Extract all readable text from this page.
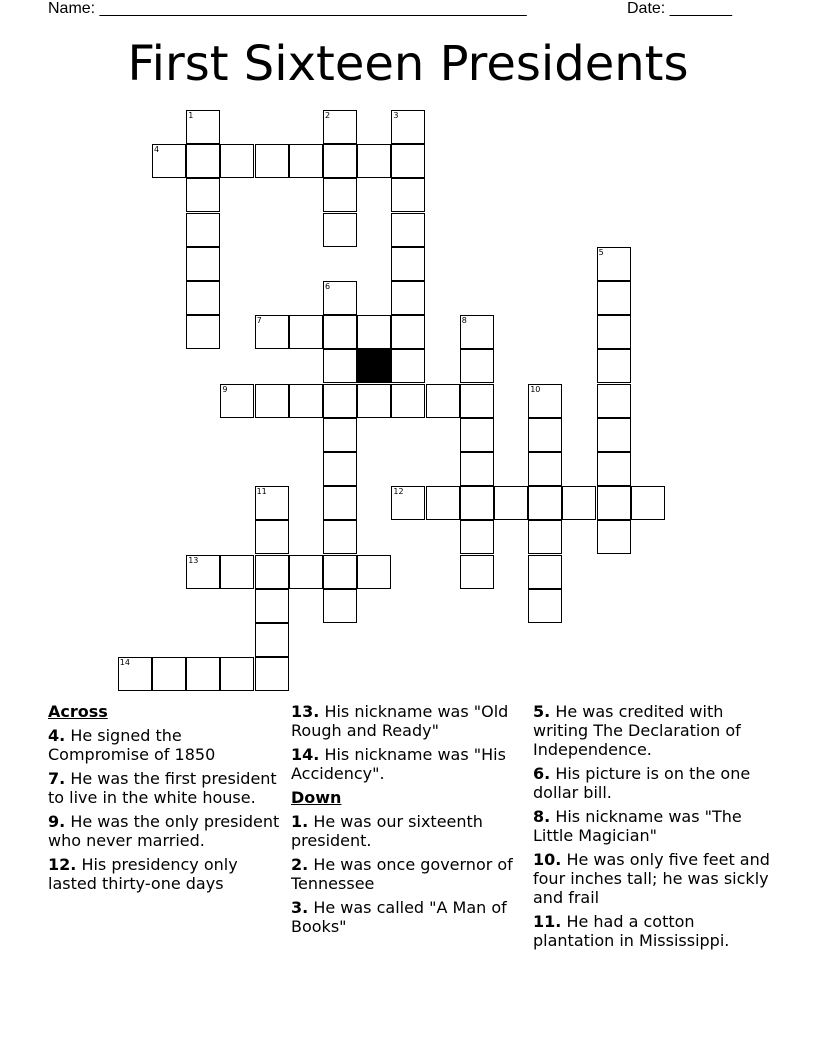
Name: ________________________________________________	Date: _______
First Sixteen Presidents
1	2	3
4
5
6
7	8
9	10
11	12
13
14
Across
4. He signed the Compromise of 1850
7. He was the first president to live in the white house.
9. He was the only president who never married.
12. His presidency only lasted thirty-one days
13. His nickname was "Old Rough and Ready"
14. His nickname was "His Accidency".
Down
1. He was our sixteenth president.
2. He was once governor of Tennessee
3. He was called "A Man of Books"
5. He was credited with writing The Declaration of Independence.
6. His picture is on the one dollar bill.
8. His nickname was "The Little Magician"
10. He was only five feet and four inches tall; he was sickly and frail
11. He had a cotton plantation in Mississippi.
